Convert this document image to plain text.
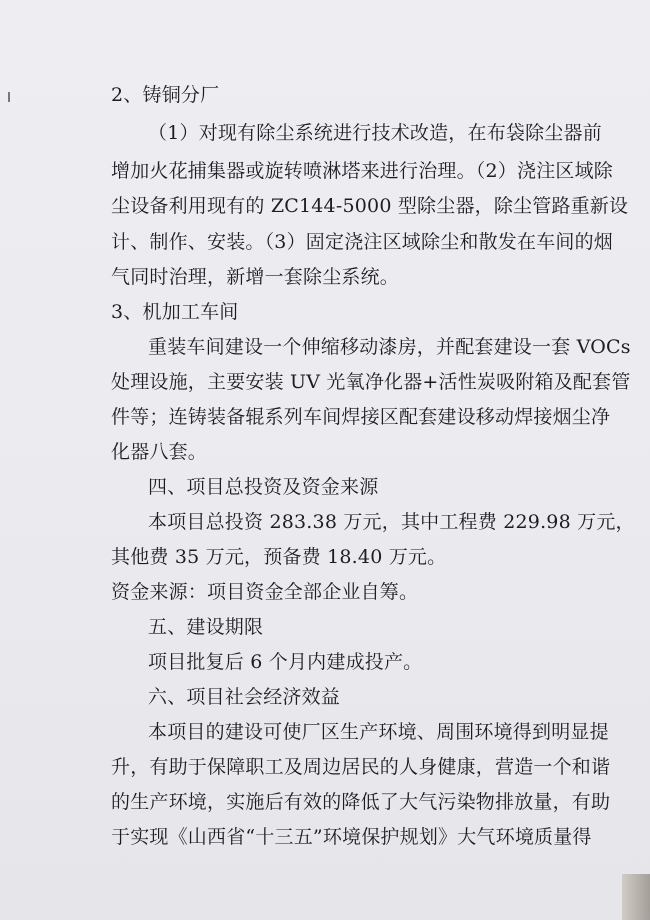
2、铸铜分厂
（1）对现有除尘系统进行技术改造，在布袋除尘器前
增加火花捕集器或旋转喷淋塔来进行治理。（2）浇注区域除
尘设备利用现有的 ZC144-5000 型除尘器，除尘管路重新设
计、制作、安装。（3）固定浇注区域除尘和散发在车间的烟
气同时治理，新增一套除尘系统。
3、机加工车间
重装车间建设一个伸缩移动漆房，并配套建设一套 VOCs
处理设施，主要安装 UV 光氧净化器+活性炭吸附箱及配套管
件等；连铸装备辊系列车间焊接区配套建设移动焊接烟尘净
化器八套。
四、项目总投资及资金来源
本项目总投资 283.38 万元，其中工程费 229.98 万元，
其他费 35 万元，预备费 18.40 万元。
资金来源：项目资金全部企业自筹。
五、建设期限
项目批复后 6 个月内建成投产。
六、项目社会经济效益
本项目的建设可使厂区生产环境、周围环境得到明显提
升，有助于保障职工及周边居民的人身健康，营造一个和谐
的生产环境，实施后有效的降低了大气污染物排放量，有助
于实现《山西省“十三五”环境保护规划》大气环境质量得
